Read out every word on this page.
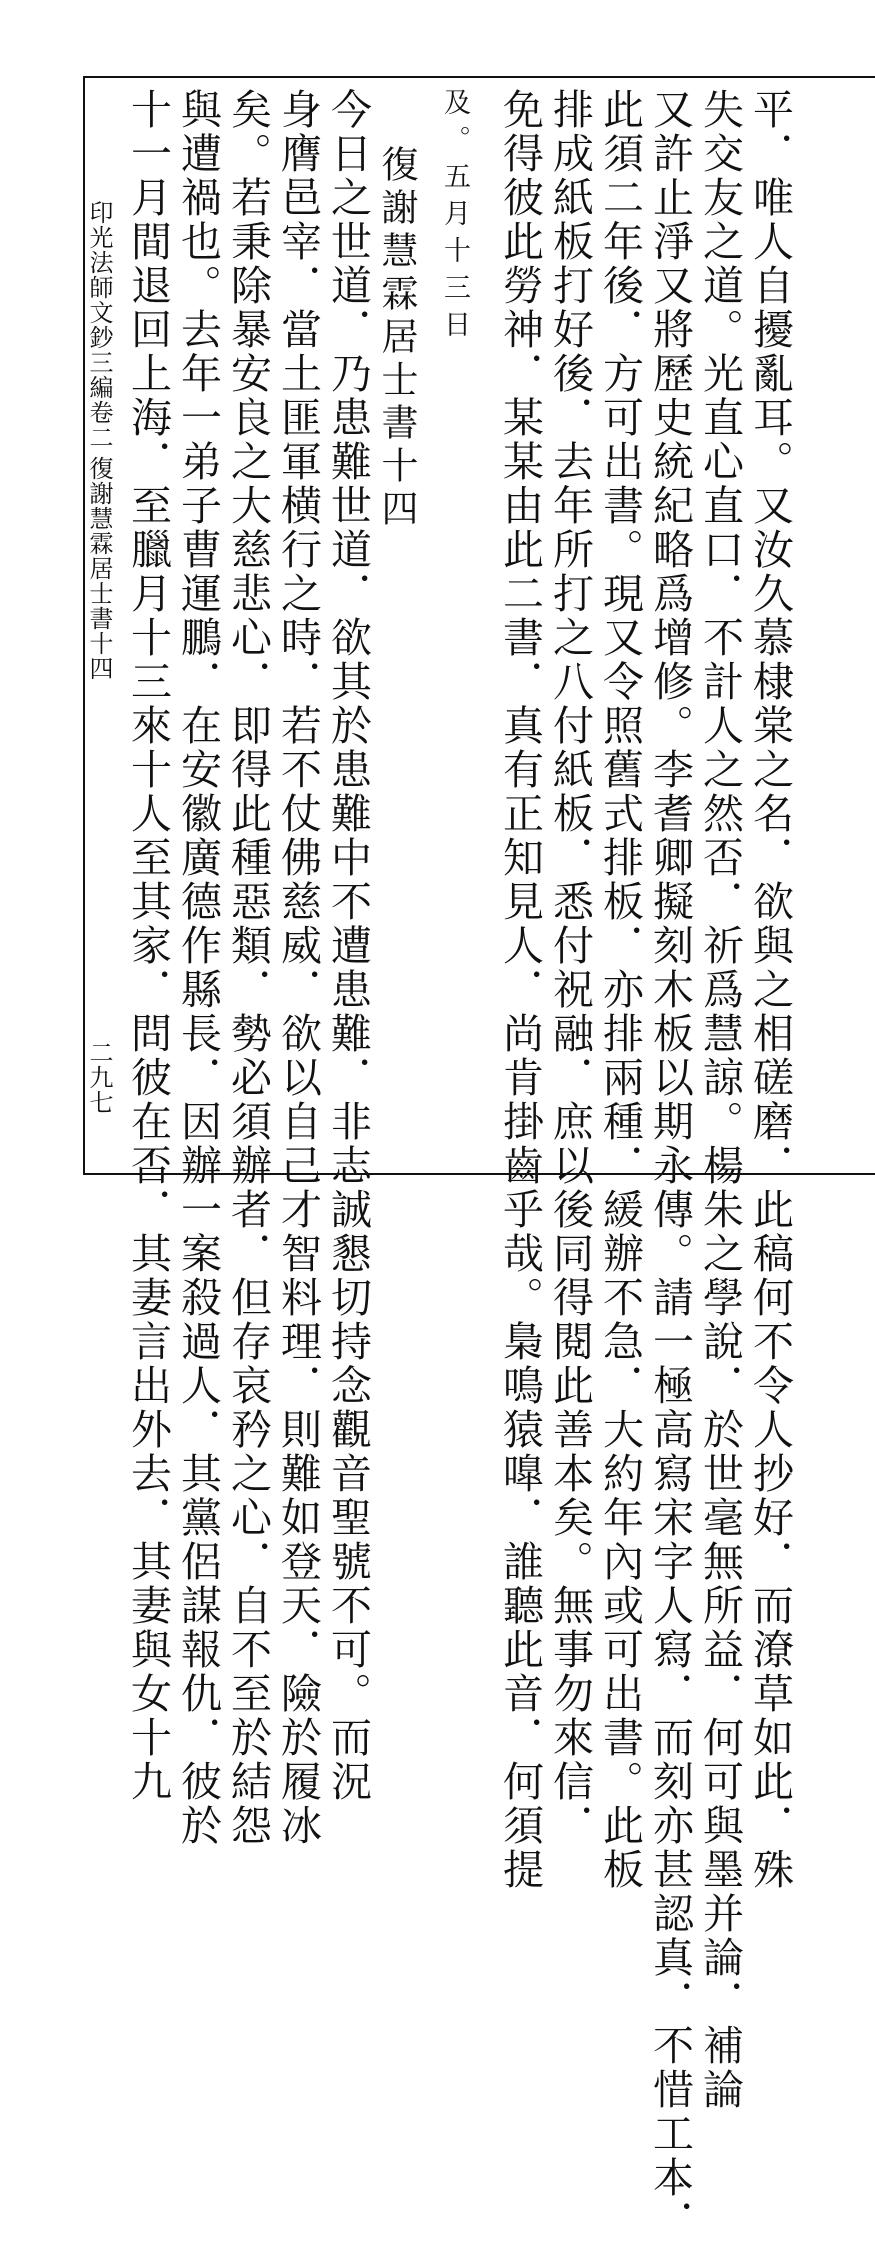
印光法師文鈔三編卷二
復謝慧霖居士書十四
二九七	平．唯人自擾亂耳。又汝久慕棣棠之名．欲與之相磋磨．此稿何不令人抄好．而潦草如此．殊
失交友之道。光直心直口．不計人之然否．祈爲慧諒。楊朱之學說．於世毫無所益．何可與墨并論．補論
又許止淨又將歷史統紀略爲增修。李耆卿擬刻木板以期永傳。請一極高寫宋字人寫．而刻亦甚認真．不惜工本．
此須二年後．方可出書。現又令照舊式排板．亦排兩種．緩辦不急．大約年內或可出書。此板
排成紙板打好後．去年所打之八付紙板．悉付祝融．庶以後同得閱此善本矣。無事勿來信．
免得彼此勞神．某某由此二書．真有正知見人．尚肯掛齒乎哉。梟鳴猿嘷．誰聽此音．何須提
及。五月十三日
復謝慧霖居士書十四
今日之世道．乃患難世道．欲其於患難中不遭患難．非志誠懇切持念觀音聖號不可。而況
身膺邑宰．當土匪軍横行之時．若不仗佛慈威．欲以自己才智料理．則難如登天．險於履冰
矣。若秉除暴安良之大慈悲心．即得此種惡類．勢必須辦者．但存哀矜之心．自不至於結怨
與遭禍也。去年一弟子曹運鵬．在安徽廣德作縣長．因辦一案殺過人．其黨侶謀報仇．彼於
十一月間退回上海．至臘月十三來十人至其家．問彼在否．其妻言出外去．其妻與女十九
